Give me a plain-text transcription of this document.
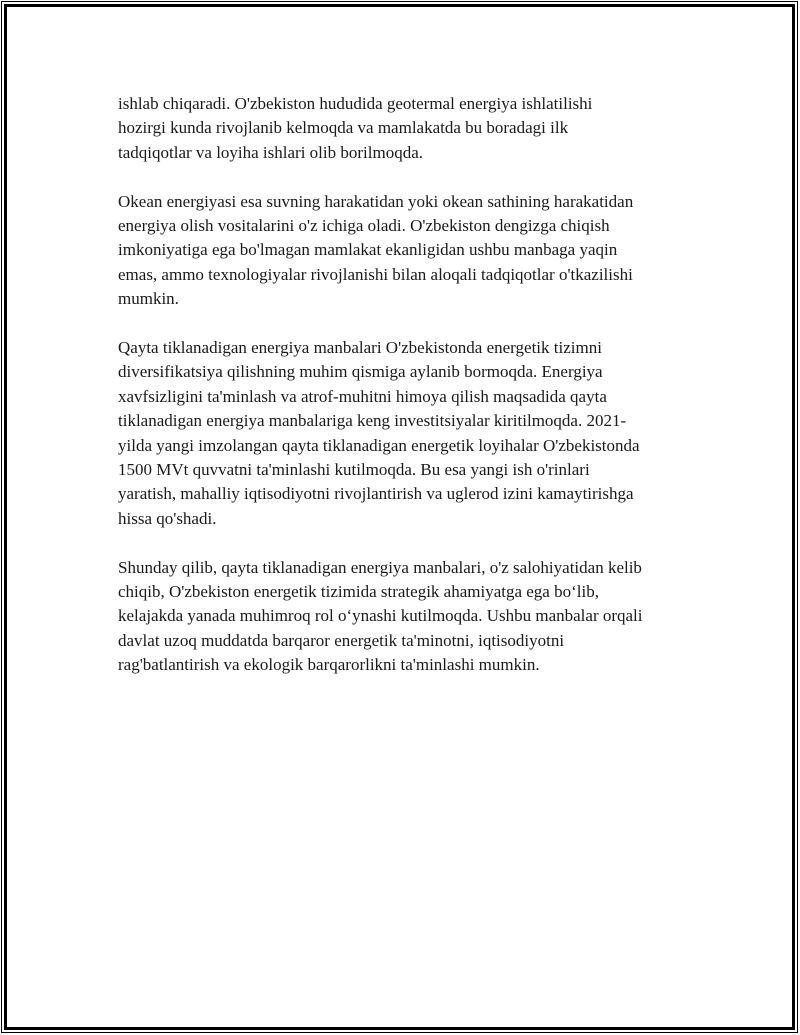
ishlab chiqaradi. O'zbekiston hududida geotermal energiya ishlatilishi
hozirgi kunda rivojlanib kelmoqda va mamlakatda bu boradagi ilk
tadqiqotlar va loyiha ishlari olib borilmoqda.

Okean energiyasi esa suvning harakatidan yoki okean sathining harakatidan
energiya olish vositalarini o'z ichiga oladi. O'zbekiston dengizga chiqish
imkoniyatiga ega bo'lmagan mamlakat ekanligidan ushbu manbaga yaqin
emas, ammo texnologiyalar rivojlanishi bilan aloqali tadqiqotlar o'tkazilishi
mumkin.

Qayta tiklanadigan energiya manbalari O'zbekistonda energetik tizimni
diversifikatsiya qilishning muhim qismiga aylanib bormoqda. Energiya
xavfsizligini ta'minlash va atrof-muhitni himoya qilish maqsadida qayta
tiklanadigan energiya manbalariga keng investitsiyalar kiritilmoqda. 2021-
yilda yangi imzolangan qayta tiklanadigan energetik loyihalar O'zbekistonda
1500 MVt quvvatni ta'minlashi kutilmoqda. Bu esa yangi ish o'rinlari
yaratish, mahalliy iqtisodiyotni rivojlantirish va uglerod izini kamaytirishga
hissa qo'shadi.

Shunday qilib, qayta tiklanadigan energiya manbalari, o'z salohiyatidan kelib
chiqib, O'zbekiston energetik tizimida strategik ahamiyatga ega bo‘lib,
kelajakda yanada muhimroq rol o‘ynashi kutilmoqda. Ushbu manbalar orqali
davlat uzoq muddatda barqaror energetik ta'minotni, iqtisodiyotni
rag'batlantirish va ekologik barqarorlikni ta'minlashi mumkin.
